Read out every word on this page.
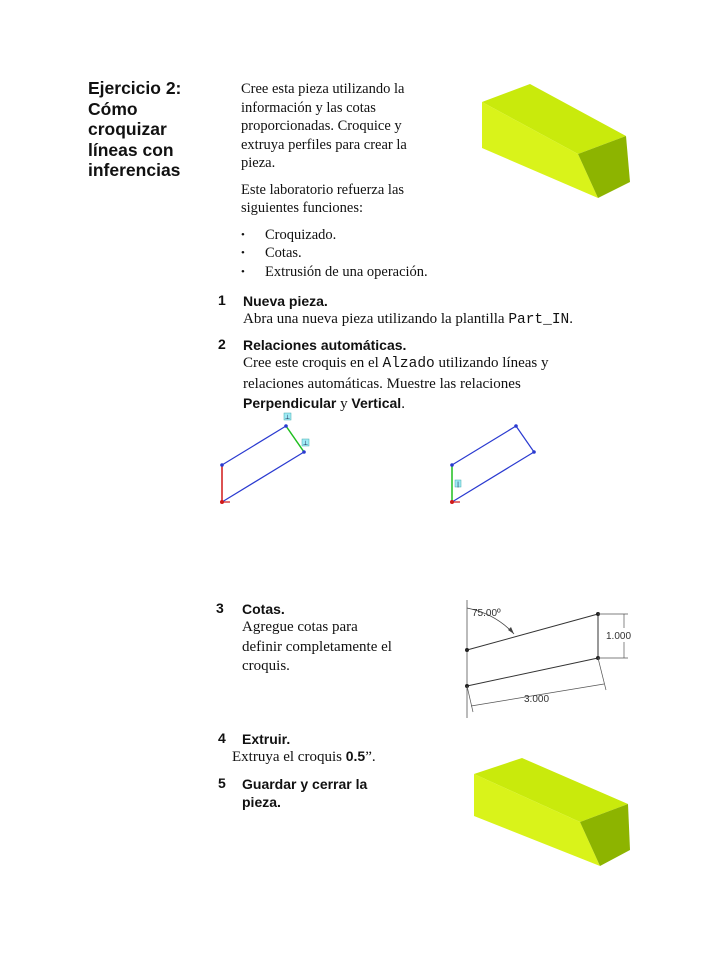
Ejercicio 2:
Cómo
croquizar
líneas con
inferencias

Cree esta pieza utilizando la información y las cotas proporcionadas. Croquice y extruya perfiles para crear la pieza.

Este laboratorio refuerza las siguientes funciones:

• Croquizado.
• Cotas.
• Extrusión de una operación.
1 Nueva pieza.
Abra una nueva pieza utilizando la plantilla Part_IN.
2 Relaciones automáticas.
Cree este croquis en el Alzado utilizando líneas y relaciones automáticas. Muestre las relaciones Perpendicular y Vertical.
⊥
⊥
|
3 Cotas.
Agregue cotas para definir completamente el croquis.
75.00º
1.000
3.000
4 Extruir.
Extruya el croquis 0.5”.
5 Guardar y cerrar la pieza.
